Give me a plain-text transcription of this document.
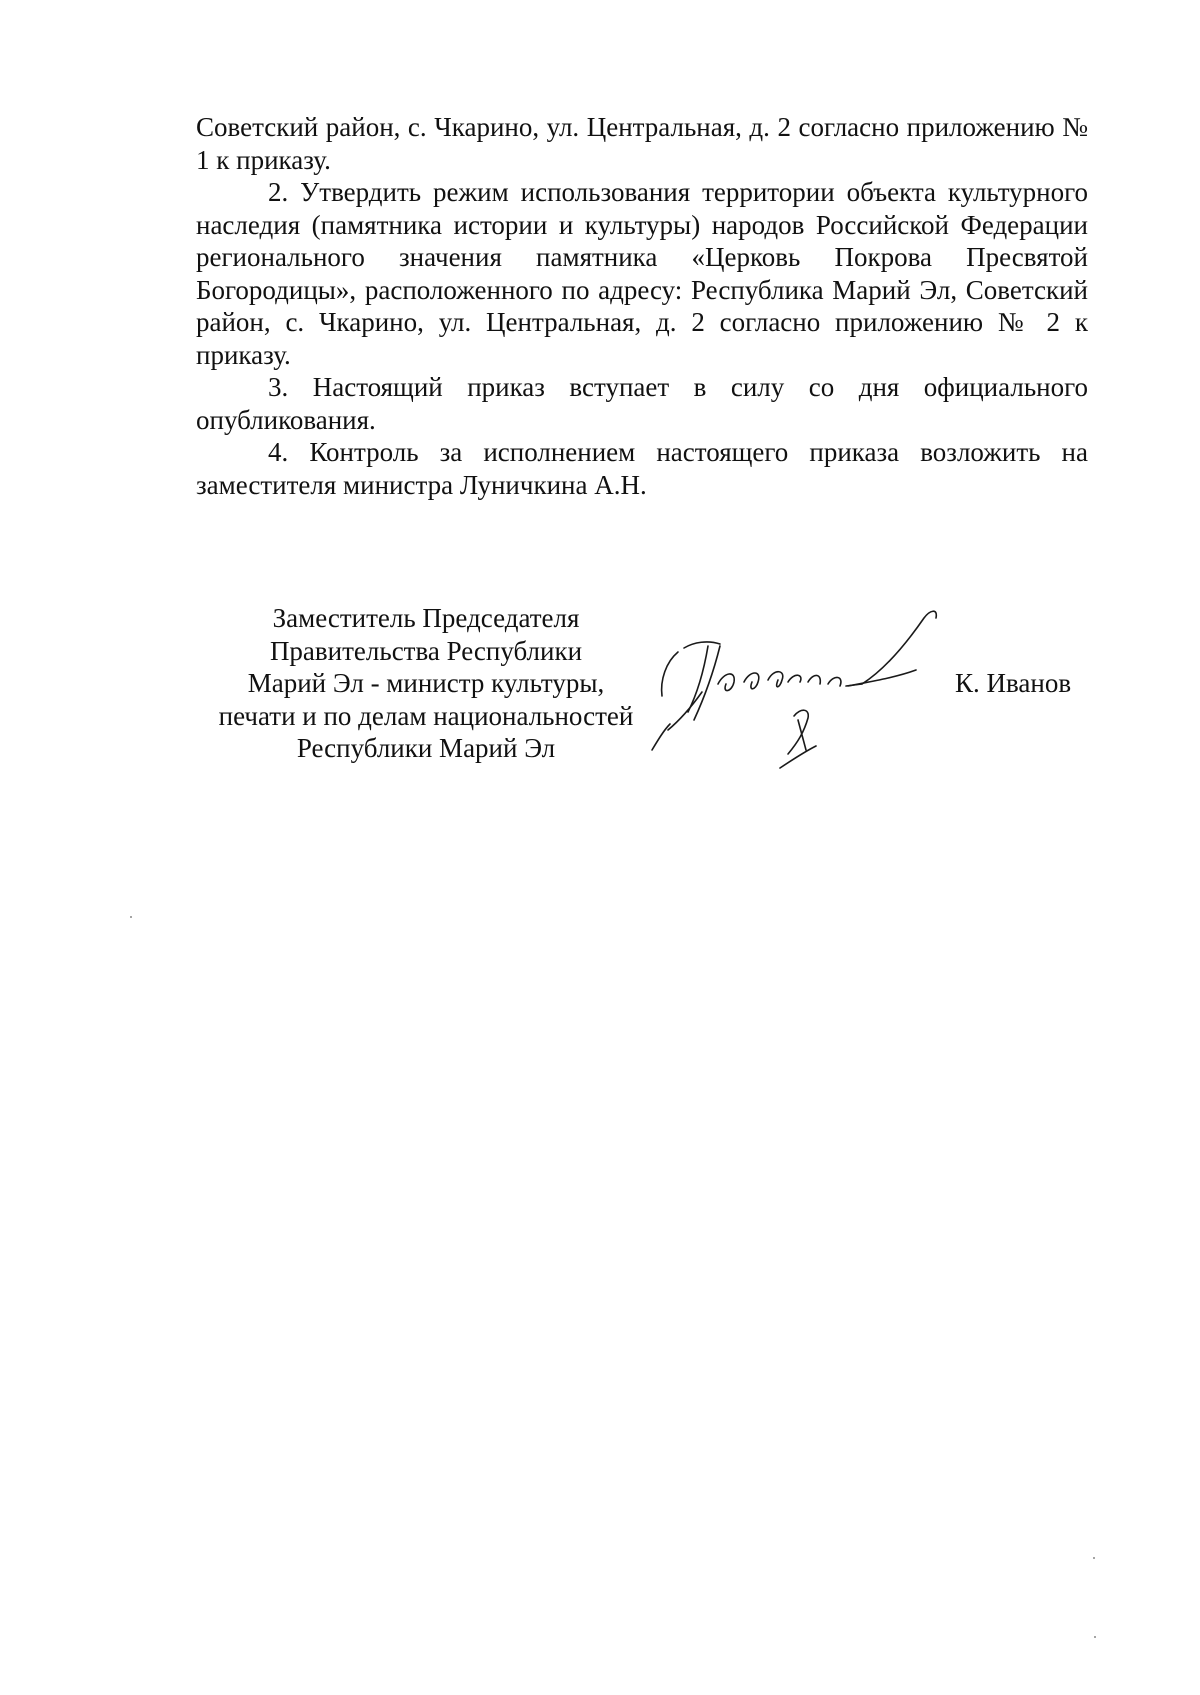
Советский район, с. Чкарино, ул. Центральная, д. 2 согласно приложению № 1 к приказу.

2. Утвердить режим использования территории объекта культурного наследия (памятника истории и культуры) народов Российской Федерации регионального значения памятника «Церковь Покрова Пресвятой Богородицы», расположенного по адресу: Республика Марий Эл, Советский район, с. Чкарино, ул. Центральная, д. 2 согласно приложению № 2 к приказу.

3. Настоящий приказ вступает в силу со дня официального опубликования.

4. Контроль за исполнением настоящего приказа возложить на заместителя министра Луничкина А.Н.

Заместитель Председателя
Правительства Республики
Марий Эл - министр культуры,
печати и по делам национальностей
Республики Марий Эл
К. Иванов
